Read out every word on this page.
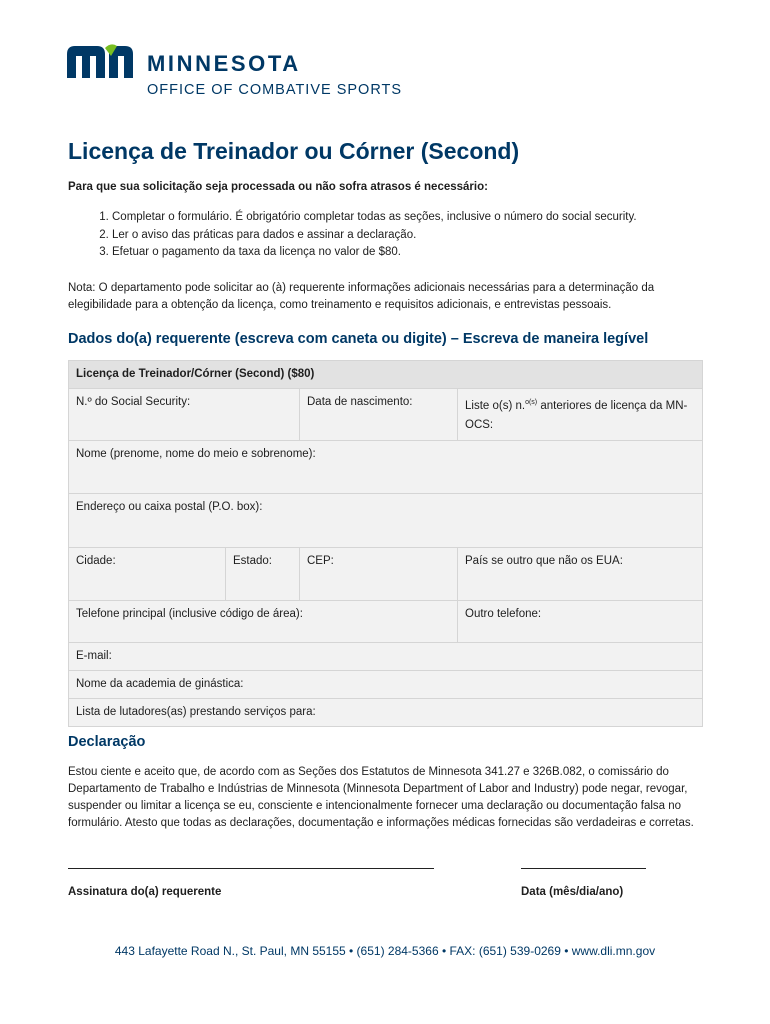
MINNESOTA
OFFICE OF COMBATIVE SPORTS
Licença de Treinador ou Córner (Second)
Para que sua solicitação seja processada ou não sofra atrasos é necessário:
1. Completar o formulário. É obrigatório completar todas as seções, inclusive o número do social security.
2. Ler o aviso das práticas para dados e assinar a declaração.
3. Efetuar o pagamento da taxa da licença no valor de $80.
Nota: O departamento pode solicitar ao (à) requerente informações adicionais necessárias para a determinação da elegibilidade para a obtenção da licença, como treinamento e requisitos adicionais, e entrevistas pessoais.
Dados do(a) requerente (escreva com caneta ou digite) – Escreva de maneira legível
Licença de Treinador/Córner (Second) ($80)			
N.º do Social Security:		Data de nascimento:	Liste o(s) n.$^{o(s)}$ anteriores de licença da MN-OCS:
Nome (prenome, nome do meio e sobrenome):			
Endereço ou caixa postal (P.O. box):			
Cidade:	Estado:	CEP:	País se outro que não os EUA:
Telefone principal (inclusive código de área):			Outro telefone:
E-mail:			
Nome da academia de ginástica:			
Lista de lutadores(as) prestando serviços para:			
Declaração
Estou ciente e aceito que, de acordo com as Seções dos Estatutos de Minnesota 341.27 e 326B.082, o comissário do Departamento de Trabalho e Indústrias de Minnesota (Minnesota Department of Labor and Industry) pode negar, revogar, suspender ou limitar a licença se eu, consciente e intencionalmente fornecer uma declaração ou documentação falsa no formulário. Atesto que todas as declarações, documentação e informações médicas fornecidas são verdadeiras e corretas.
Assinatura do(a) requerente	Data (mês/dia/ano)
443 Lafayette Road N., St. Paul, MN 55155 • (651) 284-5366 • FAX: (651) 539-0269 • www.dli.mn.gov
